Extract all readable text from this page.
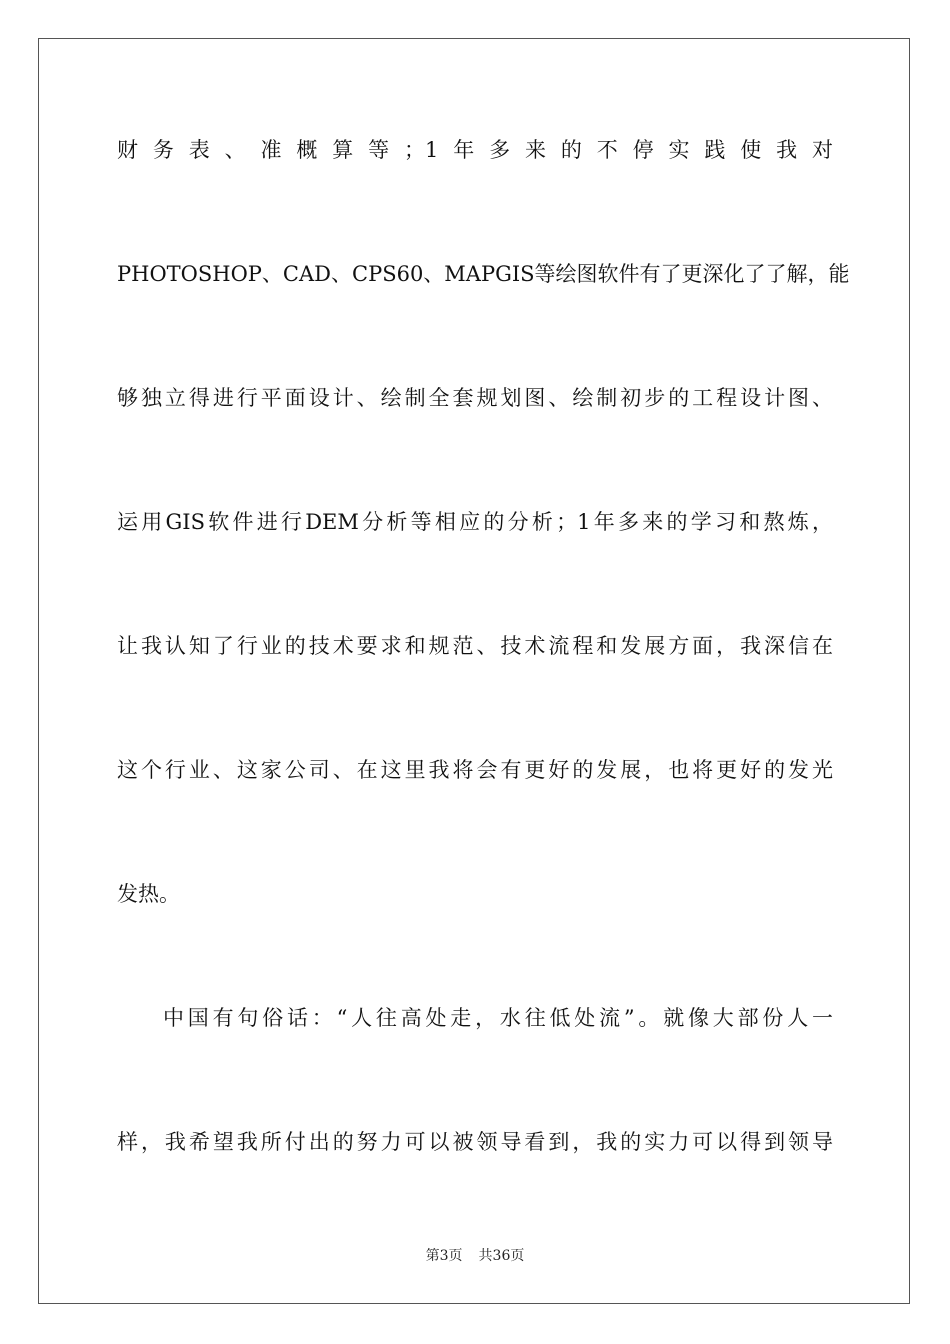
财务表、准概算等；1年多来的不停实践使我对

PHOTOSHOP、CAD、CPS60、MAPGIS等绘图软件有了更深化了了解，能

够独立得进行平面设计、绘制全套规划图、绘制初步的工程设计图、

运用GIS软件进行DEM分析等相应的分析；1年多来的学习和熬炼，

让我认知了行业的技术要求和规范、技术流程和发展方面，我深信在

这个行业、这家公司、在这里我将会有更好的发展，也将更好的发光

发热。

中国有句俗话：“人往高处走，水往低处流”。就像大部份人一

样，我希望我所付出的努力可以被领导看到，我的实力可以得到领导

第3页 共36页
